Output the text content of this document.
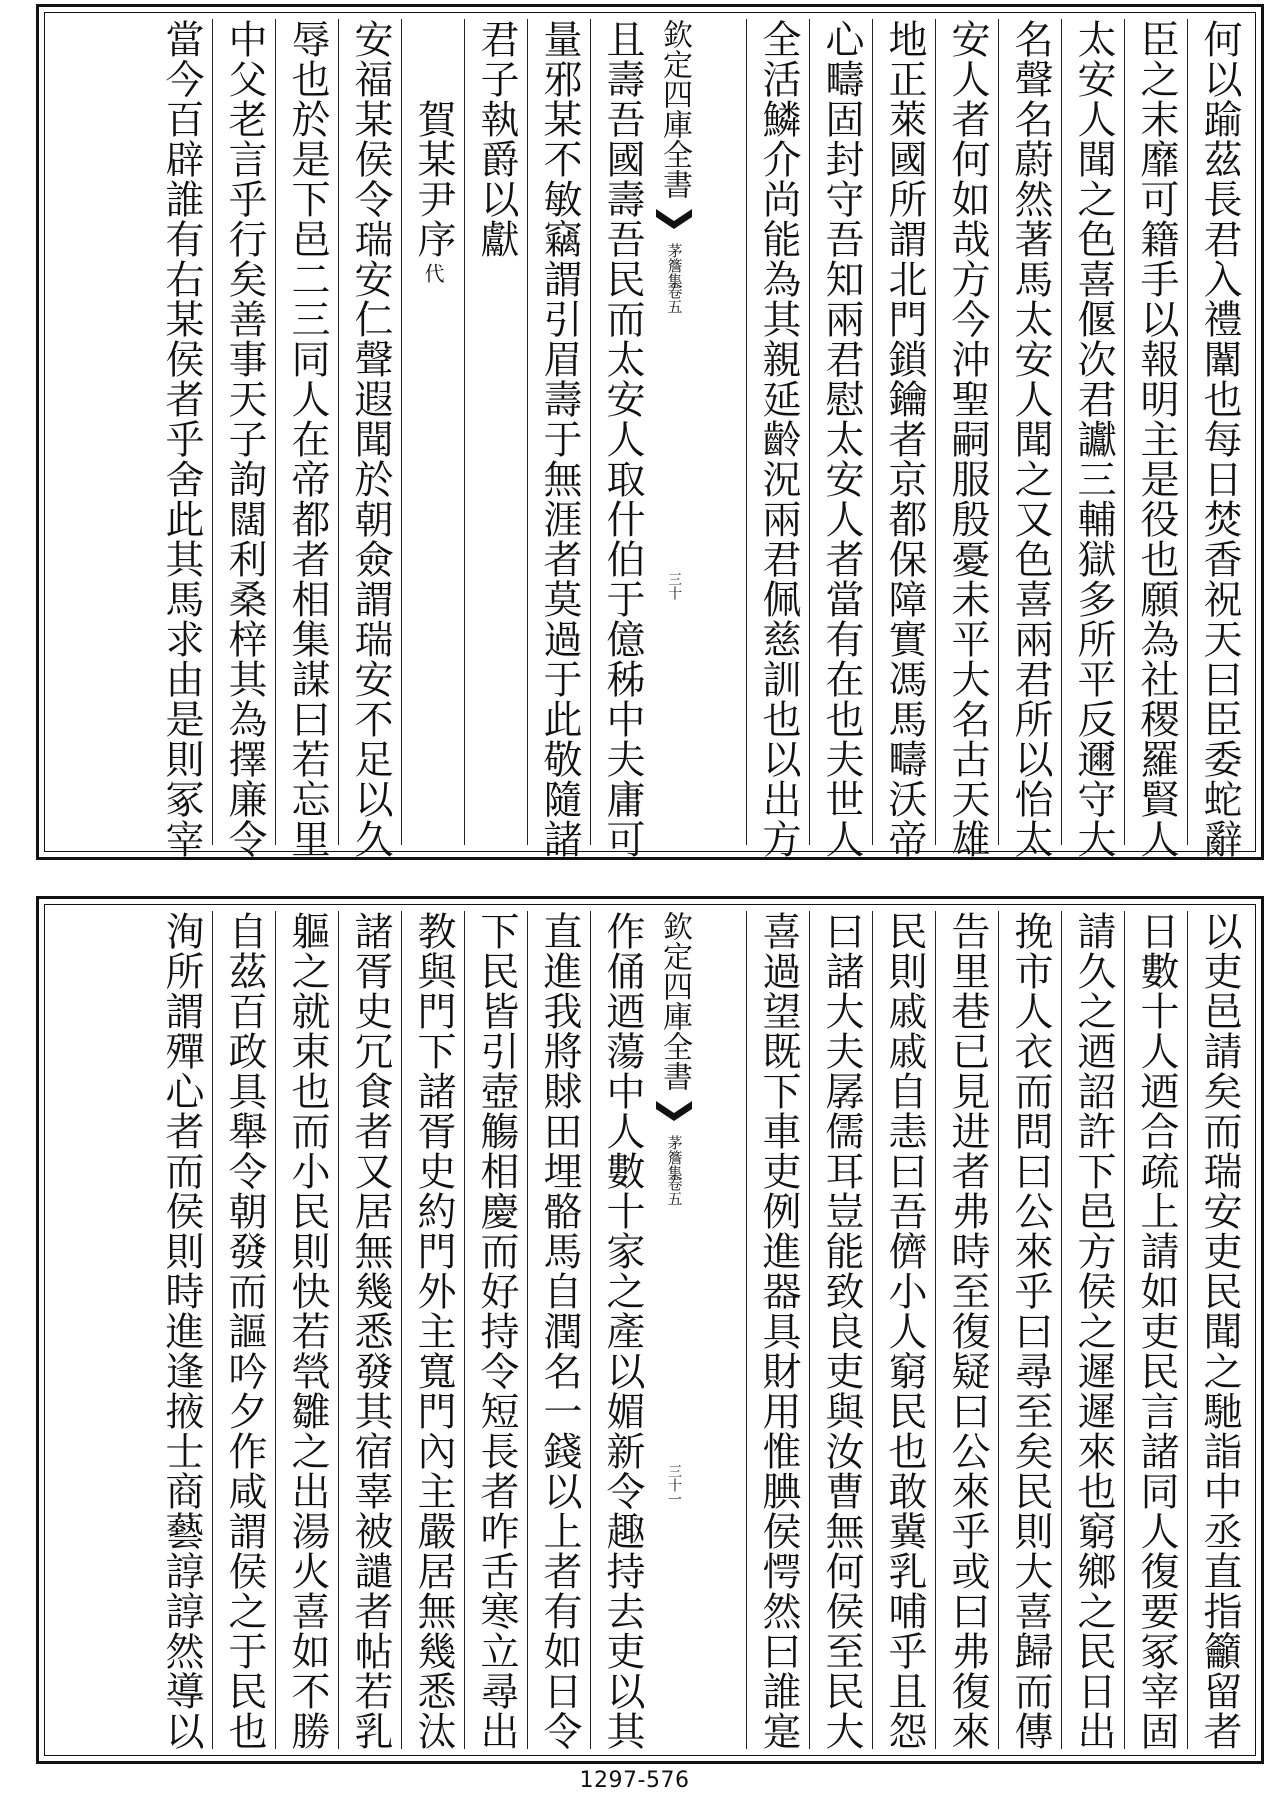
何以踰茲長君入禮闈也每日焚香祝天曰臣委蛇辭
臣之末靡可籍手以報明主是役也願為社稷羅賢人
太安人聞之色喜偃次君讞三輔獄多所平反邇守大
名聲名蔚然著馬太安人聞之又色喜兩君所以怡太
安人者何如哉方今沖聖嗣服殷憂未平大名古天雄
地正萊國所謂北門鎖鑰者京都保障實馮馬疇沃帝
心疇固封守吾知兩君慰太安人者當有在也夫世人
全活鱗介尚能為其親延齡況兩君佩慈訓也以出方
欽定四庫全書
茅簷集
卷五
三十
且壽吾國壽吾民而太安人取什伯于億秭中夫庸可
量邪某不敏竊謂引眉壽于無涯者莫過于此敬隨諸
君子執爵以獻
賀某尹序
代
安福某侯令瑞安仁聲遐聞於朝僉謂瑞安不足以久
辱也於是下邑二三同人在帝都者相集謀曰若忘里
中父老言乎行矣善事天子訽闊利桑梓其為擇廉令
當今百辟誰有右某侯者乎舍此其馬求由是則冢宰
以吏邑請矣而瑞安吏民聞之馳詣中丞直指籲留者
日數十人迺合疏上請如吏民言諸同人復要冢宰固
請久之迺詔許下邑方侯之遲遲來也窮鄉之民日出
挽市人衣而問曰公來乎曰尋至矣民則大喜歸而傳
告里巷已見进者弗時至復疑曰公來乎或曰弗復來
民則戚戚自恚曰吾儕小人窮民也敢冀乳哺乎且怨
曰諸大夫孱儒耳豈能致良吏與汝曹無何侯至民大
喜過望既下車吏例進器具財用惟腆侯愕然曰誰寔
欽定四庫全書
茅簷集
卷五
三十一
作俑迺蕩中人數十家之產以媚新令趣持去吏以其
直進我將賕田埋骼馬自潤名一錢以上者有如日令
下民皆引壺觴相慶而好持令短長者咋舌寒立尋出
教與門下諸胥史約門外主寬門內主嚴居無幾悉汰
諸胥史冗食者又居無幾悉發其宿辜被譴者帖若乳
軀之就束也而小民則快若煢雛之出湯火喜如不勝
自茲百政具舉令朝發而謳吟夕作咸謂侯之于民也
洵所謂殫心者而侯則時進逢掖士商藝諄諄然導以
1297-576
